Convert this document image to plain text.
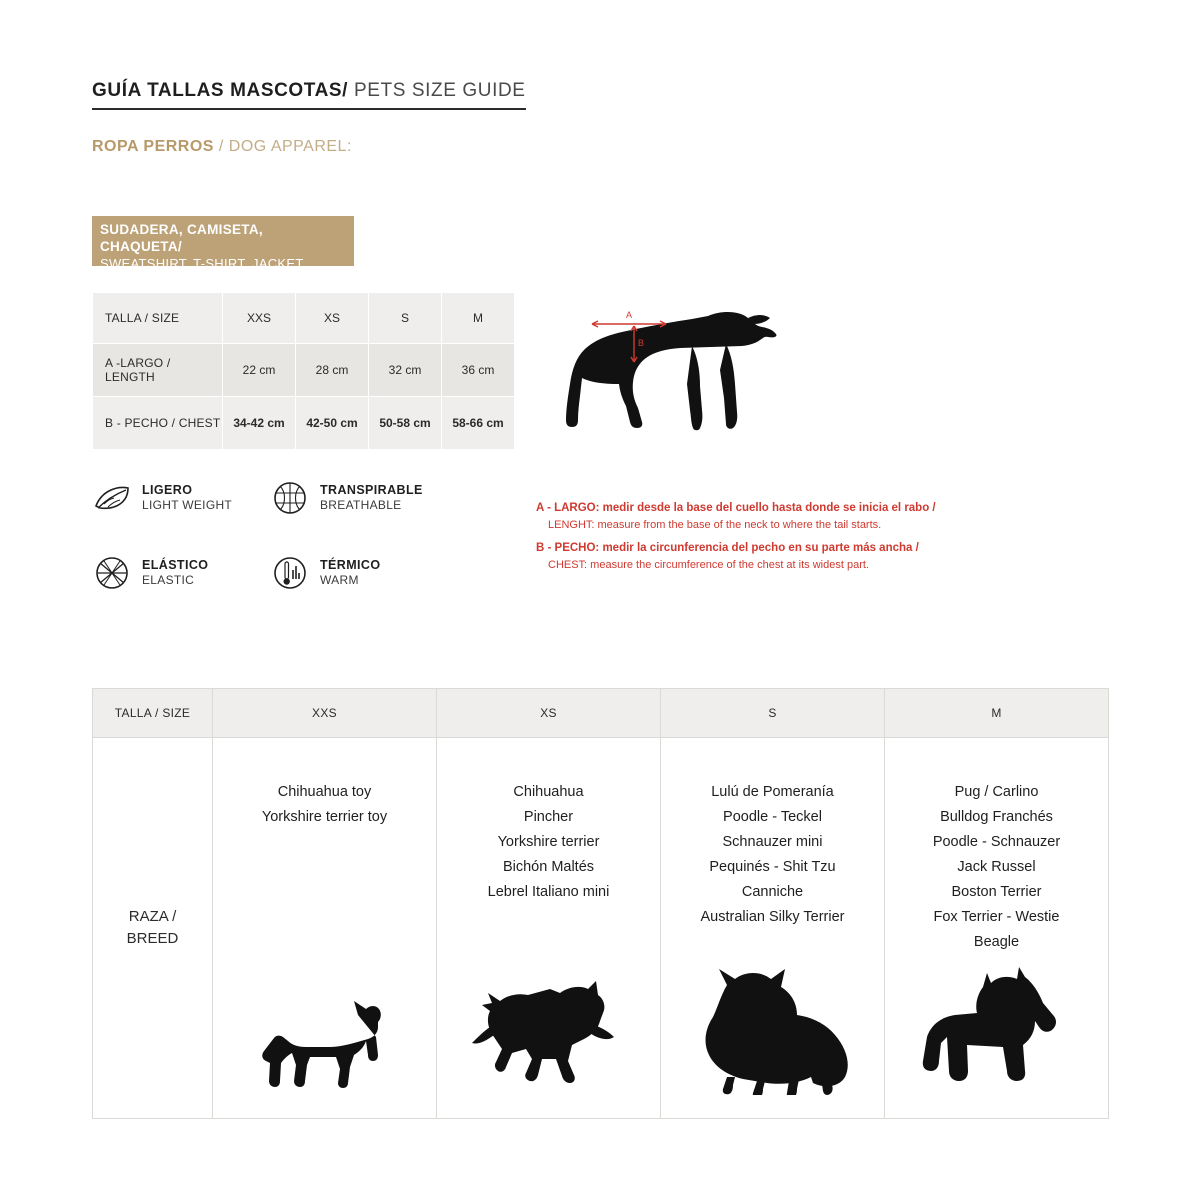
GUÍA TALLAS MASCOTAS/ PETS SIZE GUIDE
ROPA PERROS / DOG APPAREL:
SUDADERA, CAMISETA, CHAQUETA/
SWEATSHIRT, T-SHIRT, JACKET
TALLA / SIZE	XXS	XS	S	M
A -LARGO / LENGTH	22 cm	28 cm	32 cm	36 cm
B - PECHO / CHEST	34-42 cm	42-50 cm	50-58 cm	58-66 cm
LIGERO
LIGHT WEIGHT
TRANSPIRABLE
BREATHABLE
ELÁSTICO
ELASTIC
TÉRMICO
WARM
A
B
A - LARGO: medir desde la base del cuello hasta donde se inicia el rabo /
LENGHT: measure from the base of the neck to where the tail starts.
B - PECHO: medir la circunferencia del pecho en su parte más ancha /
CHEST: measure the circumference of the chest at its widest part.
TALLA / SIZE	XXS	XS	S	M

RAZA /
BREED

Chihuahua toy
Yorkshire terrier toy

Chihuahua
Pincher
Yorkshire terrier
Bichón Maltés
Lebrel Italiano mini

Lulú de Pomeranía
Poodle - Teckel
Schnauzer mini
Pequinés - Shit Tzu
Canniche
Australian Silky Terrier

Pug / Carlino
Bulldog Franchés
Poodle - Schnauzer
Jack Russel
Boston Terrier
Fox Terrier - Westie
Beagle
